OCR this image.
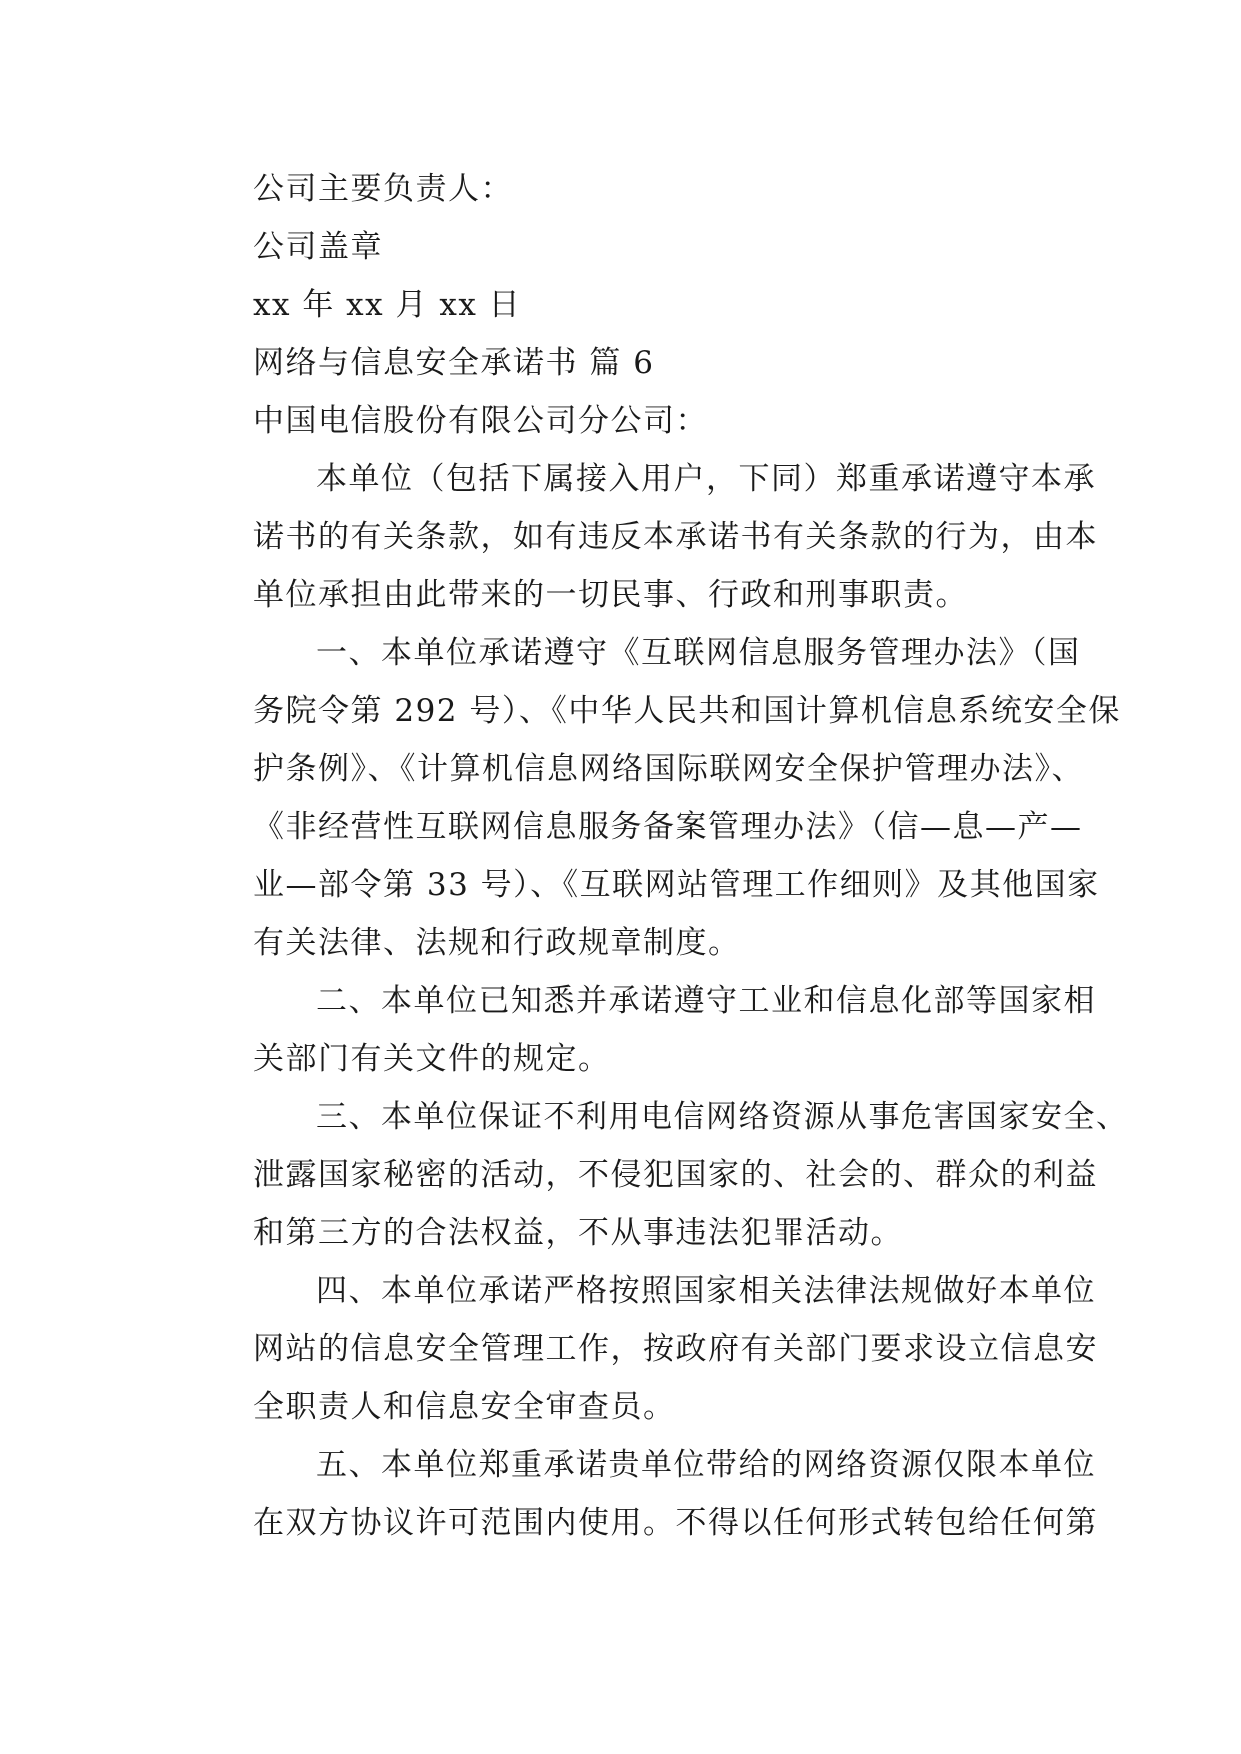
公司主要负责人：
公司盖章
xx 年 xx 月 xx 日
网络与信息安全承诺书 篇 6
中国电信股份有限公司分公司：
本单位（包括下属接入用户，下同）郑重承诺遵守本承
诺书的有关条款，如有违反本承诺书有关条款的行为，由本
单位承担由此带来的一切民事、行政和刑事职责。
一、本单位承诺遵守《互联网信息服务管理办法》（国
务院令第 292 号）、《中华人民共和国计算机信息系统安全保
护条例》、《计算机信息网络国际联网安全保护管理办法》、
《非经营性互联网信息服务备案管理办法》（信—息—产—
业—部令第 33 号）、《互联网站管理工作细则》及其他国家
有关法律、法规和行政规章制度。
二、本单位已知悉并承诺遵守工业和信息化部等国家相
关部门有关文件的规定。
三、本单位保证不利用电信网络资源从事危害国家安全、
泄露国家秘密的活动，不侵犯国家的、社会的、群众的利益
和第三方的合法权益，不从事违法犯罪活动。
四、本单位承诺严格按照国家相关法律法规做好本单位
网站的信息安全管理工作，按政府有关部门要求设立信息安
全职责人和信息安全审查员。
五、本单位郑重承诺贵单位带给的网络资源仅限本单位
在双方协议许可范围内使用。不得以任何形式转包给任何第
